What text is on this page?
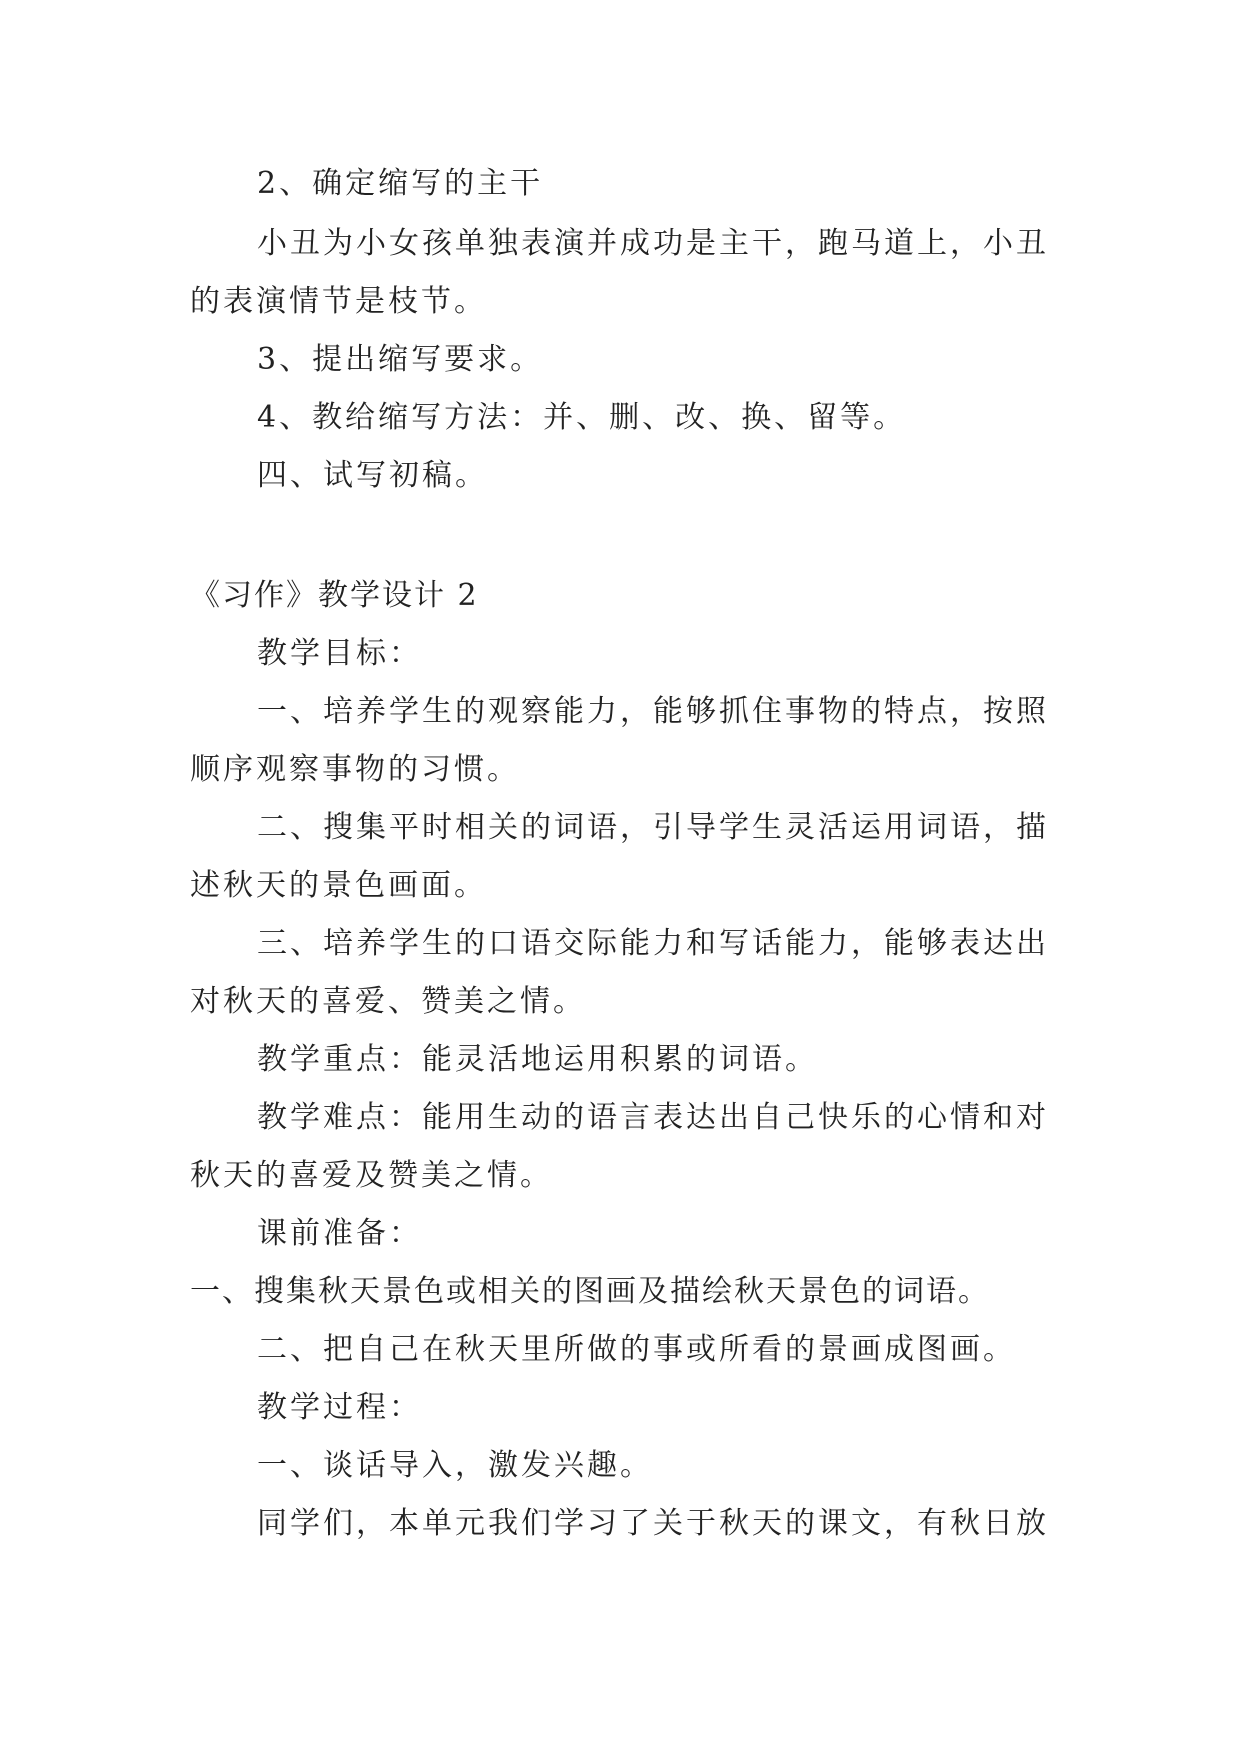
2、确定缩写的主干
小丑为小女孩单独表演并成功是主干，跑马道上，小丑
的表演情节是枝节。
3、提出缩写要求。
4、教给缩写方法：并、删、改、换、留等。
四、试写初稿。
《习作》教学设计 2
教学目标：
一、培养学生的观察能力，能够抓住事物的特点，按照
顺序观察事物的习惯。
二、搜集平时相关的词语，引导学生灵活运用词语，描
述秋天的景色画面。
三、培养学生的口语交际能力和写话能力，能够表达出
对秋天的喜爱、赞美之情。
教学重点：能灵活地运用积累的词语。
教学难点：能用生动的语言表达出自己快乐的心情和对
秋天的喜爱及赞美之情。
课前准备：
一、搜集秋天景色或相关的图画及描绘秋天景色的词语。
二、把自己在秋天里所做的事或所看的景画成图画。
教学过程：
一、谈话导入，激发兴趣。
同学们，本单元我们学习了关于秋天的课文，有秋日放
